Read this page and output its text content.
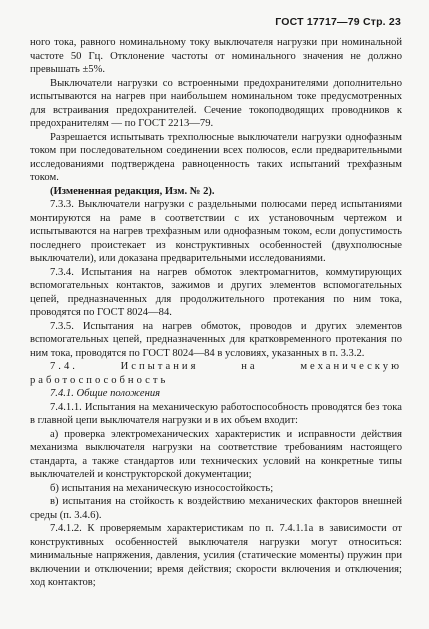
ГОСТ 17717—79 Стр. 23

ного тока, равного номинальному току выключателя нагрузки при номинальной частоте 50 Гц. Отклонение частоты от номинального значения не должно превышать ±5%.

Выключатели нагрузки со встроенными предохранителями дополнительно испытываются на нагрев при наибольшем номинальном токе предусмотренных для встраивания предохранителей. Сечение токоподводящих проводников к предохранителям — по ГОСТ 2213—79.

Разрешается испытывать трехполюсные выключатели нагрузки однофазным током при последовательном соединении всех полюсов, если предварительными исследованиями подтверждена равноценность таких испытаний трехфазным током.

(Измененная редакция, Изм. № 2).

7.3.3. Выключатели нагрузки с раздельными полюсами перед испытаниями монтируются на раме в соответствии с их установочным чертежом и испытываются на нагрев трехфазным или однофазным током, если допустимость последнего проистекает из конструктивных особенностей (двухполюсные выключатели), или доказана предварительными исследованиями.

7.3.4. Испытания на нагрев обмоток электромагнитов, коммутирующих вспомогательных контактов, зажимов и других элементов вспомогательных цепей, предназначенных для продолжительного протекания по ним тока, проводятся по ГОСТ 8024—84.

7.3.5. Испытания на нагрев обмоток, проводов и других элементов вспомогательных цепей, предназначенных для кратковременного протекания по ним тока, проводятся по ГОСТ 8024—84 в условиях, указанных в п. 3.3.2.

7.4. Испытания на механическую работоспособность

7.4.1. Общие положения

7.4.1.1. Испытания на механическую работоспособность проводятся без тока в главной цепи выключателя нагрузки и в их объем входит:

а) проверка электромеханических характеристик и исправности действия механизма выключателя нагрузки на соответствие требованиям настоящего стандарта, а также стандартов или технических условий на конкретные типы выключателей и конструкторской документации;

б) испытания на механическую износостойкость;

в) испытания на стойкость к воздействию механических факторов внешней среды (п. 3.4.6).

7.4.1.2. К проверяемым характеристикам по п. 7.4.1.1а в зависимости от конструктивных особенностей выключателя нагрузки могут относиться: минимальные напряжения, давления, усилия (статические моменты) пружин при включении и отключении; время действия; скорости включения и отключения; ход контактов;
